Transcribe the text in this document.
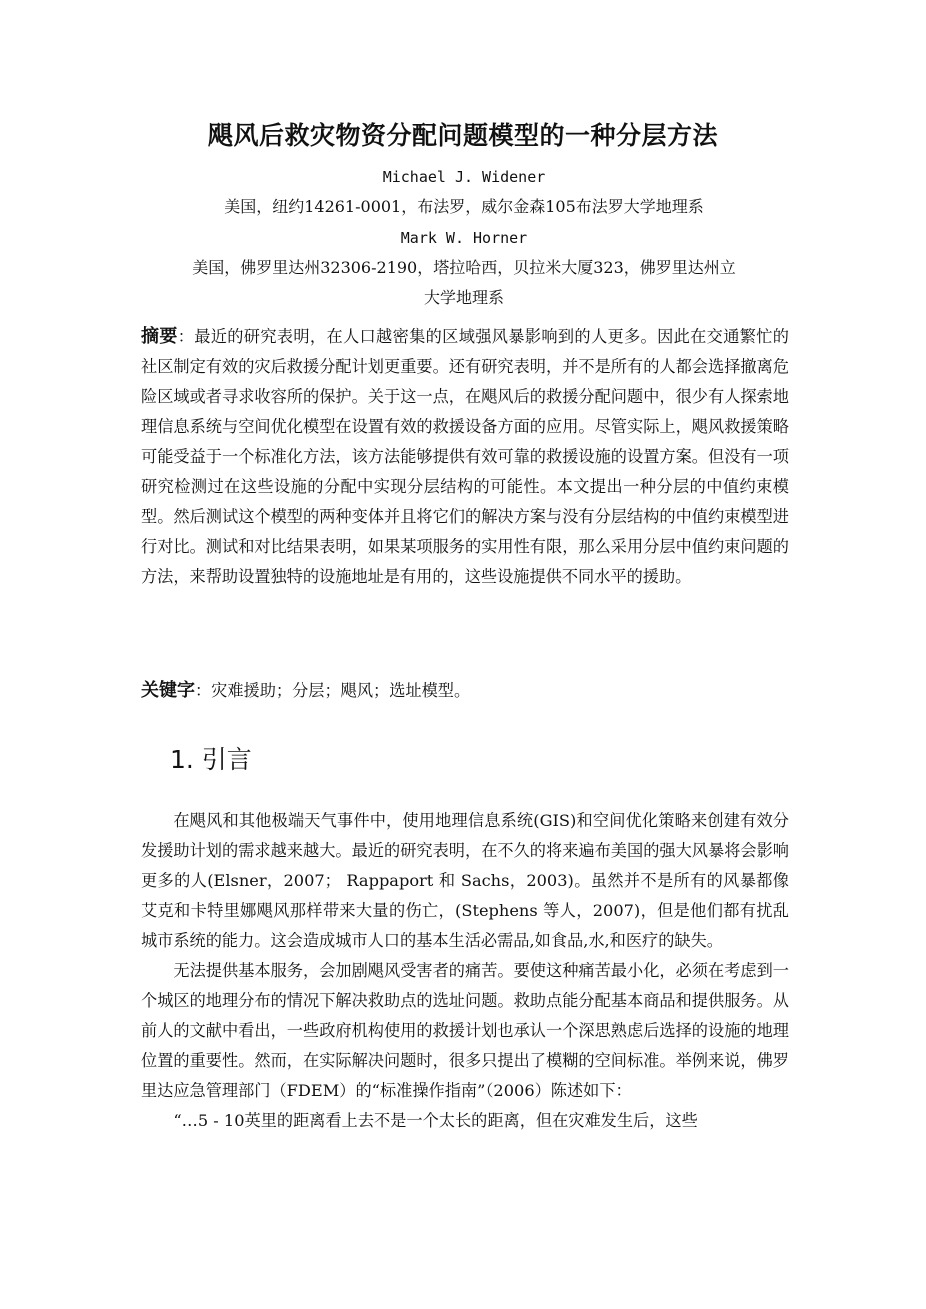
飓风后救灾物资分配问题模型的一种分层方法
Michael J. Widener
美国，纽约14261-0001，布法罗，威尔金森105布法罗大学地理系
Mark W. Horner
美国，佛罗里达州32306-2190，塔拉哈西，贝拉米大厦323，佛罗里达州立
大学地理系
摘要：最近的研究表明，在人口越密集的区域强风暴影响到的人更多。因此在交通繁忙的社区制定有效的灾后救援分配计划更重要。还有研究表明，并不是所有的人都会选择撤离危险区域或者寻求收容所的保护。关于这一点，在飓风后的救援分配问题中，很少有人探索地理信息系统与空间优化模型在设置有效的救援设备方面的应用。尽管实际上，飓风救援策略可能受益于一个标准化方法，该方法能够提供有效可靠的救援设施的设置方案。但没有一项研究检测过在这些设施的分配中实现分层结构的可能性。本文提出一种分层的中值约束模型。然后测试这个模型的两种变体并且将它们的解决方案与没有分层结构的中值约束模型进行对比。测试和对比结果表明，如果某项服务的实用性有限，那么采用分层中值约束问题的方法，来帮助设置独特的设施地址是有用的，这些设施提供不同水平的援助。
关键字：灾难援助；分层；飓风；选址模型。
1. 引言

在飓风和其他极端天气事件中，使用地理信息系统(GIS)和空间优化策略来创建有效分发援助计划的需求越来越大。最近的研究表明，在不久的将来遍布美国的强大风暴将会影响更多的人(Elsner，2007； Rappaport 和 Sachs，2003)。虽然并不是所有的风暴都像艾克和卡特里娜飓风那样带来大量的伤亡，(Stephens 等人，2007)，但是他们都有扰乱城市系统的能力。这会造成城市人口的基本生活必需品,如食品,水,和医疗的缺失。

无法提供基本服务，会加剧飓风受害者的痛苦。要使这种痛苦最小化，必须在考虑到一个城区的地理分布的情况下解决救助点的选址问题。救助点能分配基本商品和提供服务。从前人的文献中看出，一些政府机构使用的救援计划也承认一个深思熟虑后选择的设施的地理位置的重要性。然而，在实际解决问题时，很多只提出了模糊的空间标准。举例来说，佛罗里达应急管理部门（FDEM）的“标准操作指南”（2006）陈述如下：

“…5 - 10英里的距离看上去不是一个太长的距离，但在灾难发生后，这些
